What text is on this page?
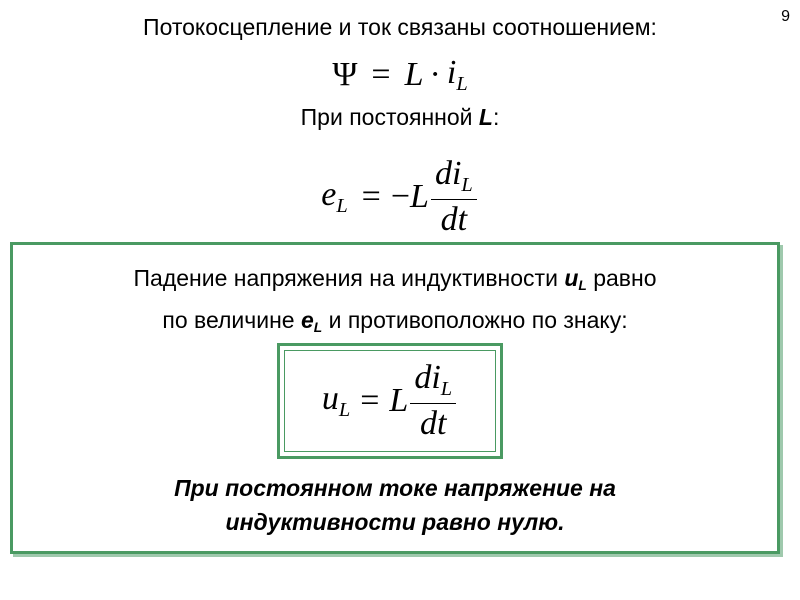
9
Потокосцепление и ток связаны соотношением:
$\Psi = L \cdot i_L$
При постоянной L:
$e_L$ = − L $\frac{di_L}{dt}$
Падение напряжения на индуктивности $u_L$ равно
по величине $e_L$ и противоположно по знаку:
$u_L = L \frac{di_L}{dt}$
При постоянном токе напряжение на
индуктивности равно нулю.
